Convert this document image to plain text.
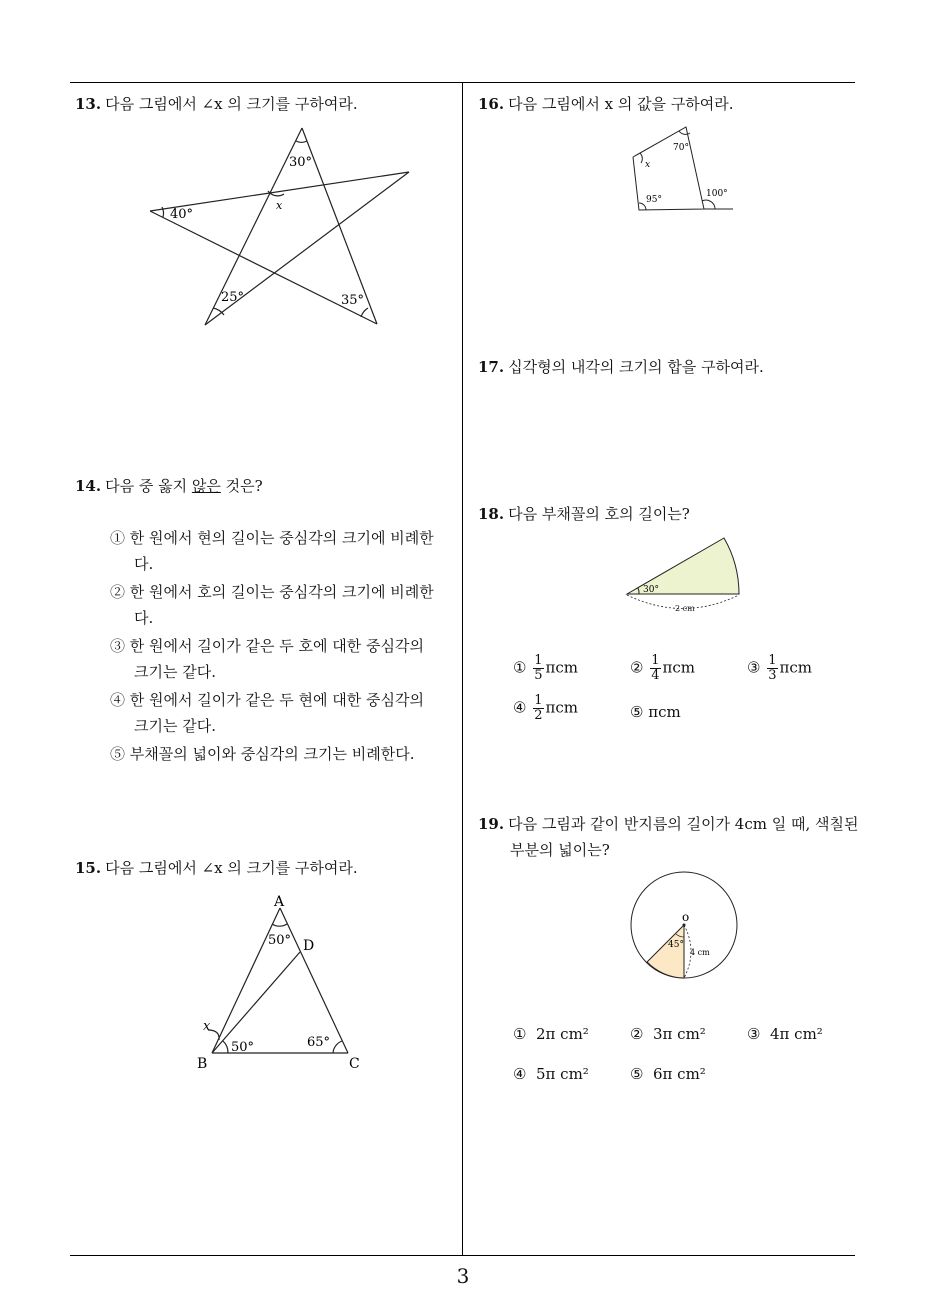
13. 다음 그림에서 ∠x 의 크기를 구하여라.
30°
40°
25°	35°
x
14. 다음 중 옳지 않은 것은?
① 한 원에서 현의 길이는 중심각의 크기에 비례한
다.
② 한 원에서 호의 길이는 중심각의 크기에 비례한
다.
③ 한 원에서 길이가 같은 두 호에 대한 중심각의
크기는 같다.
④ 한 원에서 길이가 같은 두 현에 대한 중심각의
크기는 같다.
⑤ 부채꼴의 넓이와 중심각의 크기는 비례한다.
15. 다음 그림에서 ∠x 의 크기를 구하여라.
A
B	C
D
50°
50°	65°
x
16. 다음 그림에서 x 의 값을 구하여라.
x
70°
95°
100°
17. 십각형의 내각의 크기의 합을 구하여라.
18. 다음 부채꼴의 호의 길이는?
30°
2 cm
① $\frac{1}{5}$ πcm	② $\frac{1}{4}$ πcm	③ $\frac{1}{3}$ πcm
④ $\frac{1}{2}$ πcm	⑤ πcm
19. 다음 그림과 같이 반지름의 길이가 4cm 일 때, 색칠된
부분의 넓이는?
o
45°
4 cm
① 2π cm²	② 3π cm²	③ 4π cm²
④ 5π cm²	⑤ 6π cm²
3
